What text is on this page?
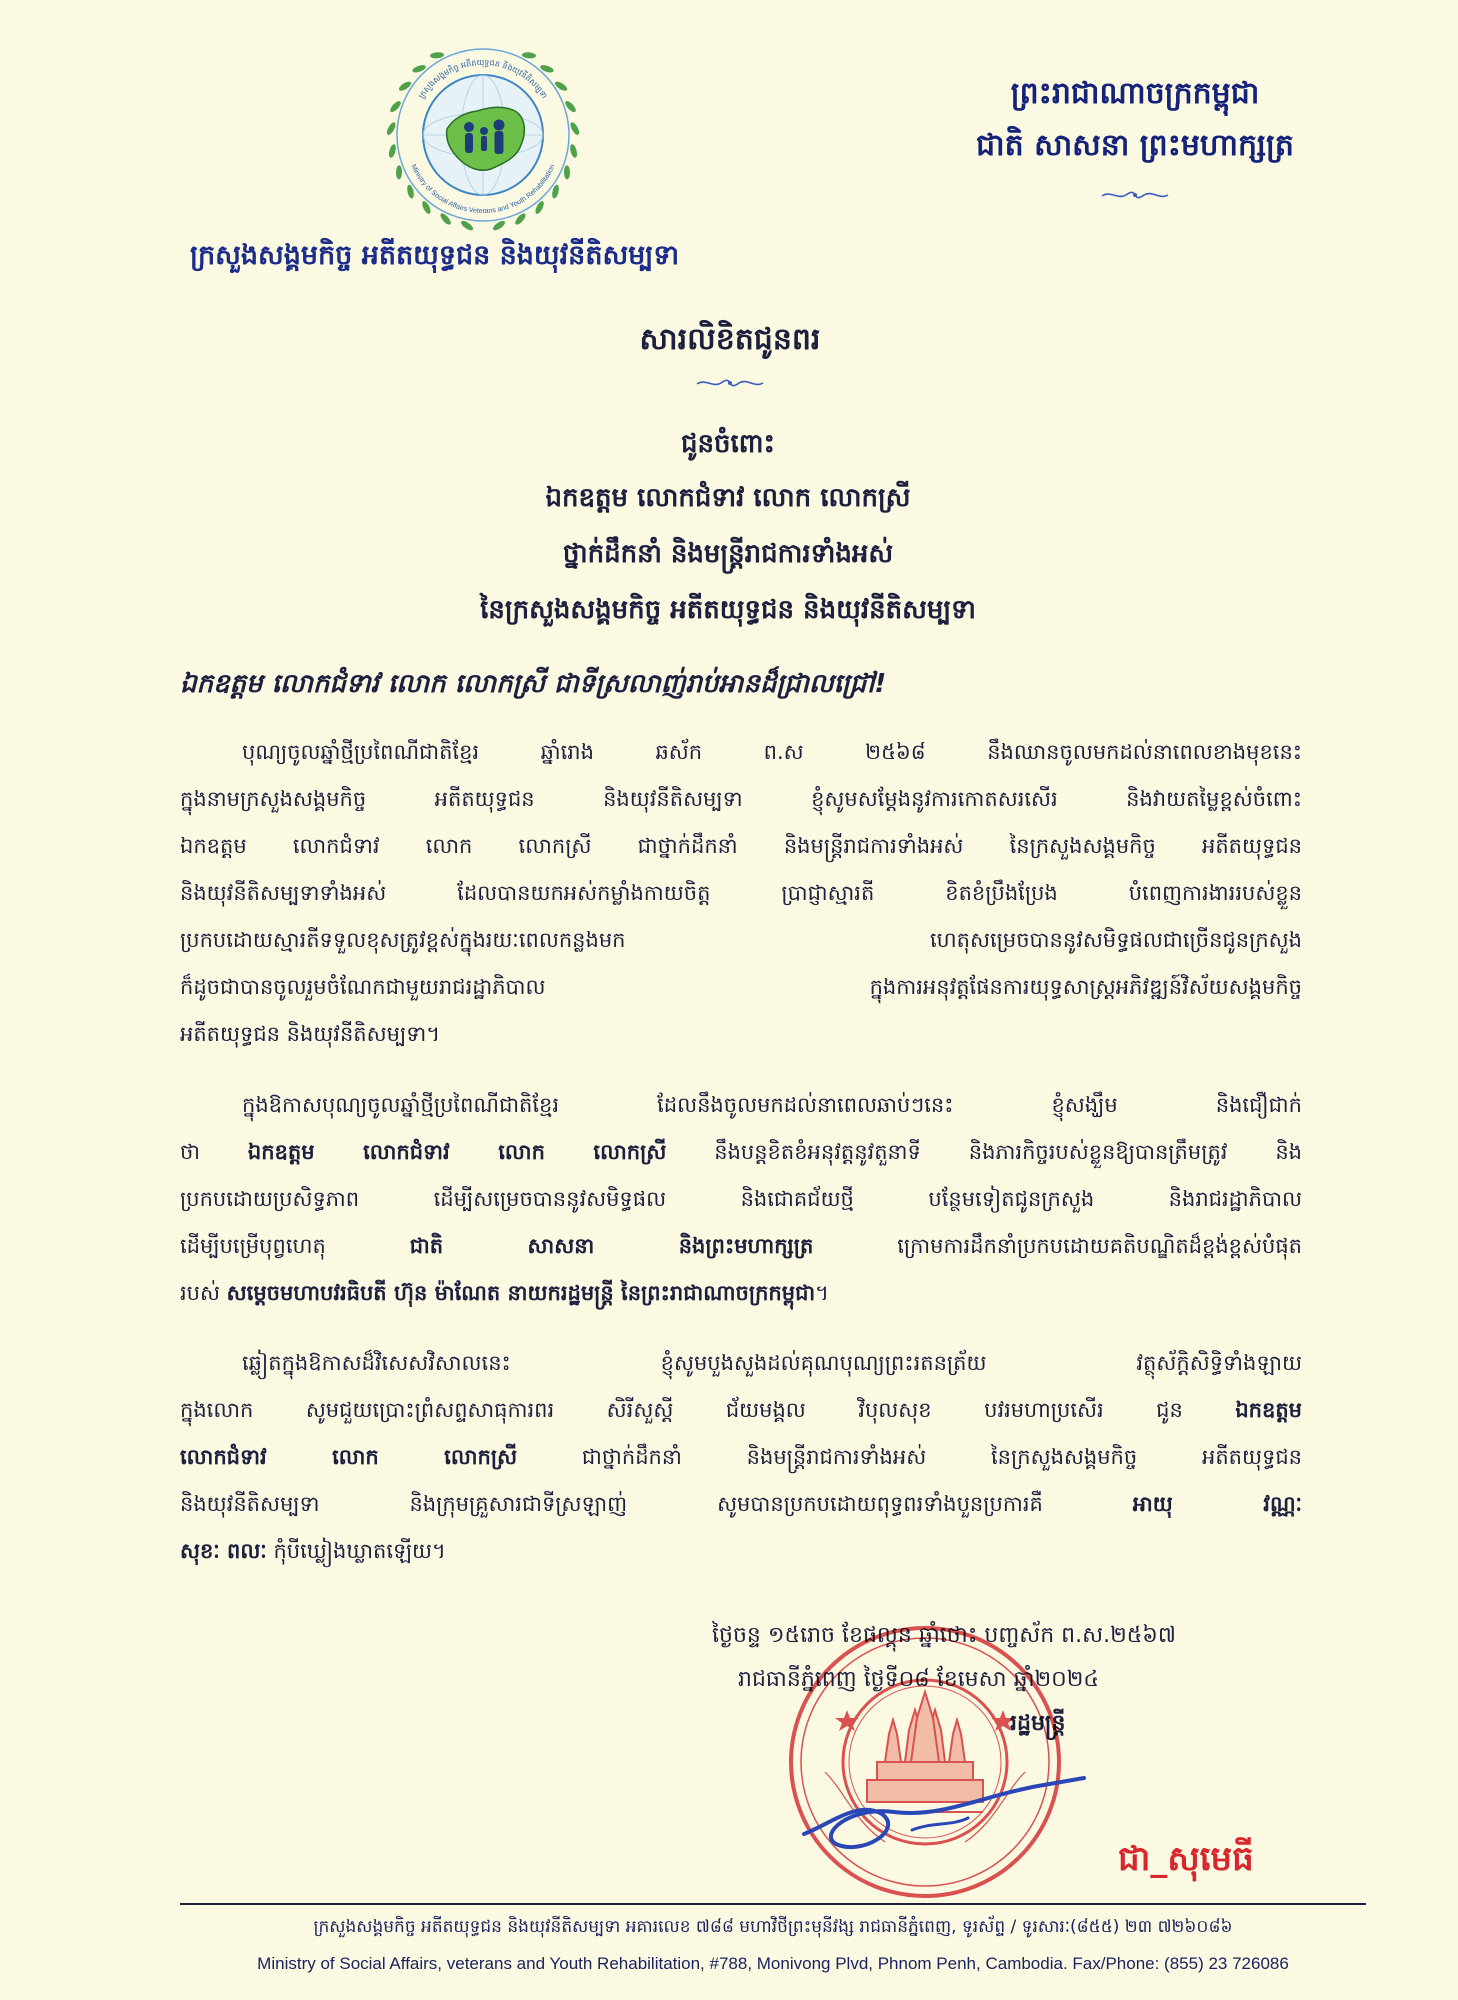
ក្រសួងសង្គមកិច្ច អតីតយុទ្ធជន និងយុវនីតិសម្បទា
Ministry of Social Affairs Veterans and Youth Rehabilitation
ព្រះរាជាណាចក្រកម្ពុជា
ជាតិ សាសនា ព្រះមហាក្សត្រ
ក្រសួងសង្គមកិច្ច អតីតយុទ្ធជន និងយុវនីតិសម្បទា
សារលិខិតជូនពរ
ជូនចំពោះ
ឯកឧត្តម លោកជំទាវ លោក លោកស្រី
ថ្នាក់ដឹកនាំ និងមន្ត្រីរាជការទាំងអស់
នៃក្រសួងសង្គមកិច្ច អតីតយុទ្ធជន និងយុវនីតិសម្បទា
ឯកឧត្តម លោកជំទាវ លោក លោកស្រី ជាទីស្រលាញ់រាប់អានដ៏ជ្រាលជ្រៅ!
បុណ្យចូលឆ្នាំថ្មីប្រពៃណីជាតិខ្មែរ ឆ្នាំរោង ឆស័ក ព.ស ២៥៦៨ នឹងឈានចូលមកដល់នាពេលខាងមុខនេះ
ក្នុងនាមក្រសួងសង្គមកិច្ច អតីតយុទ្ធជន និងយុវនីតិសម្បទា ខ្ញុំសូមសម្តែងនូវការកោតសរសើរ និងវាយតម្លៃខ្ពស់ចំពោះ
ឯកឧត្តម លោកជំទាវ លោក លោកស្រី ជាថ្នាក់ដឹកនាំ និងមន្ត្រីរាជការទាំងអស់ នៃក្រសួងសង្គមកិច្ច អតីតយុទ្ធជន
និងយុវនីតិសម្បទាទាំងអស់ ដែលបានយកអស់កម្លាំងកាយចិត្ត ប្រាជ្ញាស្មារតី ខិតខំប្រឹងប្រែង បំពេញការងាររបស់ខ្លួន
ប្រកបដោយស្មារតីទទួលខុសត្រូវខ្ពស់ក្នុងរយៈពេលកន្លងមក ហេតុសម្រេចបាននូវសមិទ្ធផលជាច្រើនជូនក្រសួង
ក៏ដូចជាបានចូលរួមចំណែកជាមួយរាជរដ្ឋាភិបាល ក្នុងការអនុវត្តផែនការយុទ្ធសាស្ត្រអភិវឌ្ឍន៍វិស័យសង្គមកិច្ច
អតីតយុទ្ធជន និងយុវនីតិសម្បទា។
ក្នុងឱកាសបុណ្យចូលឆ្នាំថ្មីប្រពៃណីជាតិខ្មែរ ដែលនឹងចូលមកដល់នាពេលឆាប់ៗនេះ ខ្ញុំសង្ឃឹម និងជឿជាក់
ថា ឯកឧត្តម លោកជំទាវ លោក លោកស្រី នឹងបន្តខិតខំអនុវត្តនូវតួនាទី និងភារកិច្ចរបស់ខ្លួនឱ្យបានត្រឹមត្រូវ និង
ប្រកបដោយប្រសិទ្ធភាព ដើម្បីសម្រេចបាននូវសមិទ្ធផល និងជោគជ័យថ្មី បន្ថែមទៀតជូនក្រសួង និងរាជរដ្ឋាភិបាល
ដើម្បីបម្រើបុព្វហេតុ ជាតិ សាសនា និងព្រះមហាក្សត្រ ក្រោមការដឹកនាំប្រកបដោយគតិបណ្ឌិតដ៏ខ្ពង់ខ្ពស់បំផុត
របស់ សម្តេចមហាបវរធិបតី ហ៊ុន ម៉ាណែត នាយករដ្ឋមន្ត្រី នៃព្រះរាជាណាចក្រកម្ពុជា។
ឆ្លៀតក្នុងឱកាសដ៏វិសេសវិសាលនេះ ខ្ញុំសូមបួងសួងដល់គុណបុណ្យព្រះរតនត្រ័យ វត្ថុស័ក្តិសិទ្ធិទាំងឡាយ
ក្នុងលោក សូមជួយប្រោះព្រំសព្ទសាធុការពរ សិរីសួស្តី ជ័យមង្គល វិបុលសុខ បវរមហាប្រសើរ ជូន ឯកឧត្តម
លោកជំទាវ លោក លោកស្រី ជាថ្នាក់ដឹកនាំ និងមន្ត្រីរាជការទាំងអស់ នៃក្រសួងសង្គមកិច្ច អតីតយុទ្ធជន
និងយុវនីតិសម្បទា និងក្រុមគ្រួសារជាទីស្រឡាញ់ សូមបានប្រកបដោយពុទ្ធពរទាំងបួនប្រការគឺ អាយុ វណ្ណៈ
សុខៈ ពលៈ កុំបីឃ្លៀងឃ្លាតឡើយ។
ថ្ងៃចន្ទ ១៥រោច ខែផល្គុន ឆ្នាំថោះ បញ្ចស័ក ព.ស.២៥៦៧
រាជធានីភ្នំពេញ ថ្ងៃទី០៨ ខែមេសា ឆ្នាំ២០២៤
រដ្ឋមន្ត្រី
ជា_សុមេធី
ក្រសួងសង្គមកិច្ច អតីតយុទ្ធជន និងយុវនីតិសម្បទា អគារលេខ ៧៨៨ មហាវិថីព្រះមុនីវង្ស រាជធានីភ្នំពេញ, ទូរស័ព្ទ / ទូរសារៈ(៨៥៥) ២៣ ៧២៦០៨៦
Ministry of Social Affairs, veterans and Youth Rehabilitation, #788, Monivong Plvd, Phnom Penh, Cambodia. Fax/Phone: (855) 23 726086
